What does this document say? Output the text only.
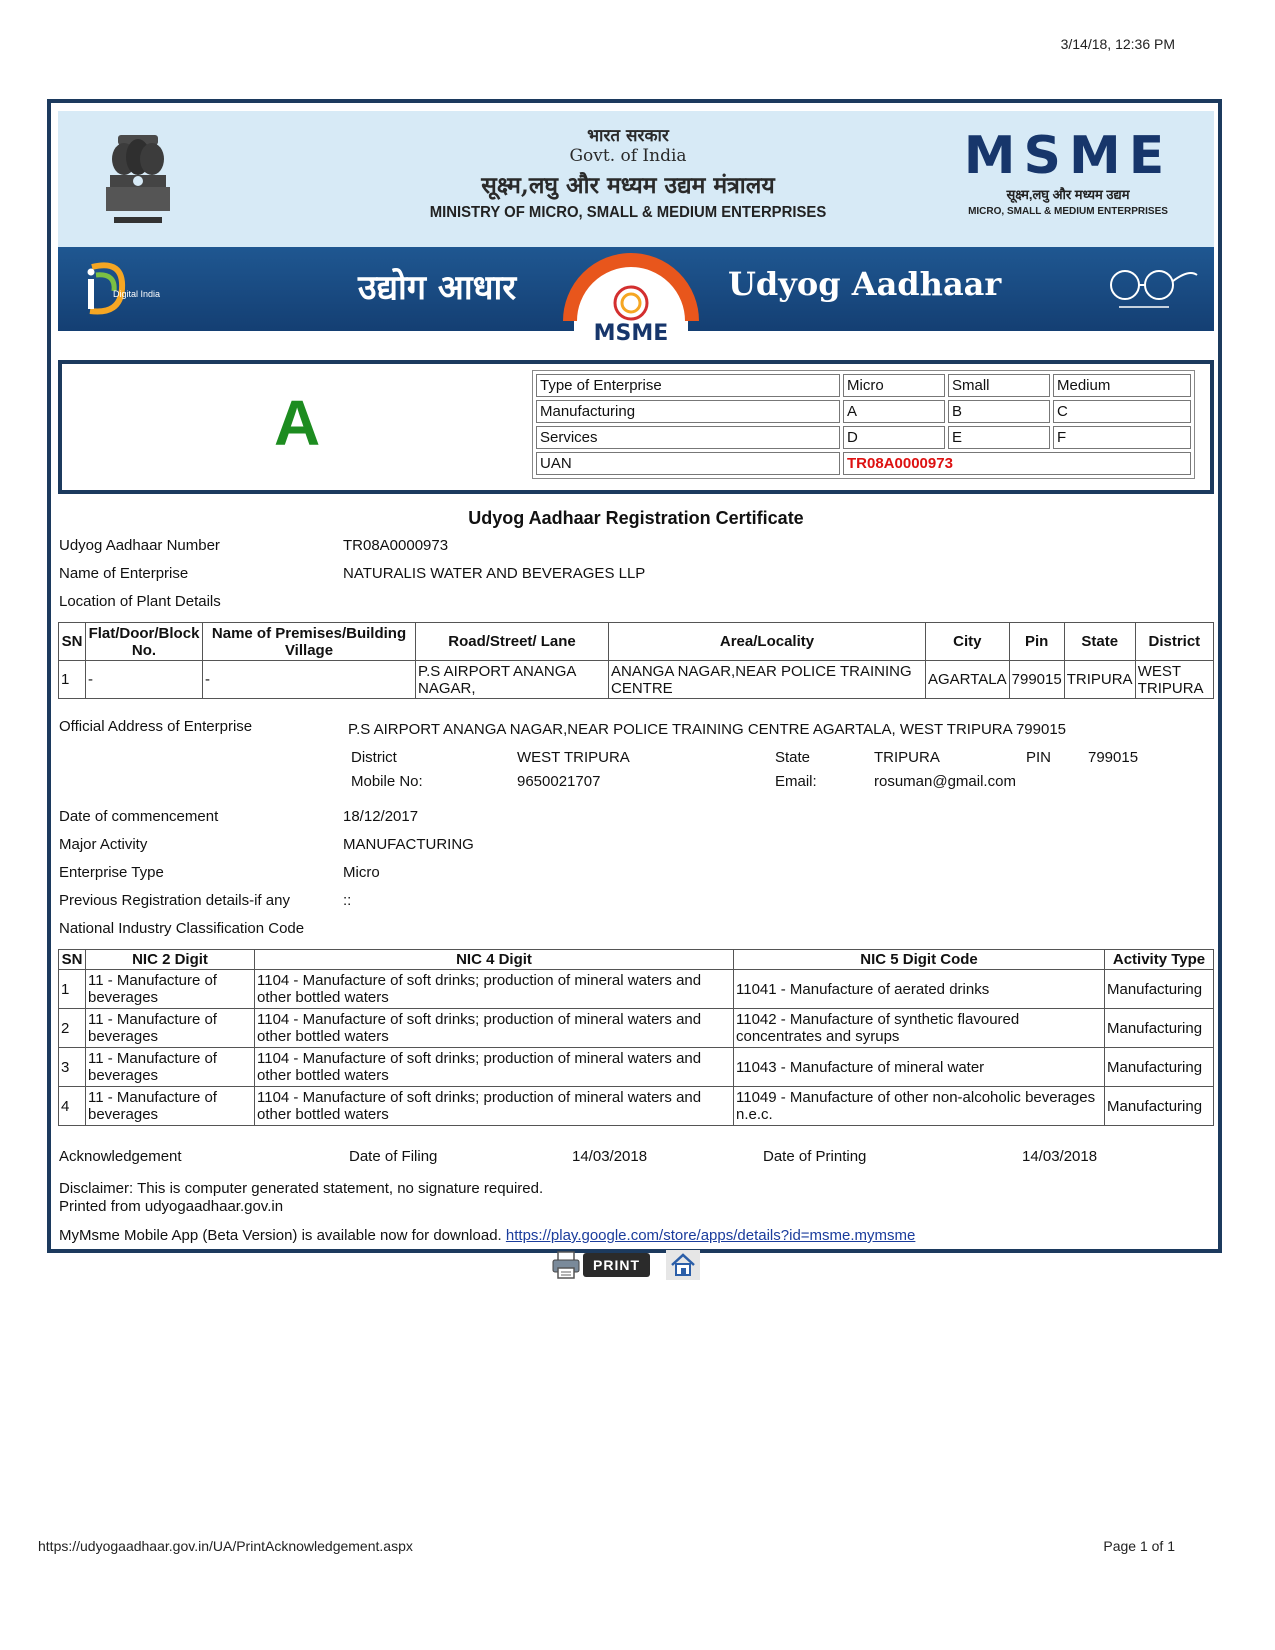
3/14/18, 12:36 PM
भारत सरकार
Govt. of India
सूक्ष्म,लघु और मध्यम उद्यम मंत्रालय
MINISTRY OF MICRO, SMALL & MEDIUM ENTERPRISES
MSME
सूक्ष्म,लघु और मध्यम उद्यम
MICRO, SMALL & MEDIUM ENTERPRISES
Digital India	उद्योग आधार	Udyog Aadhaar
MSME
A
Type of Enterprise	Micro	Small	Medium
Manufacturing	A	B	C
Services	D	E	F
UAN	TR08A0000973		
Udyog Aadhaar Registration Certificate
Udyog Aadhaar Number	TR08A0000973
Name of Enterprise	NATURALIS WATER AND BEVERAGES LLP
Location of Plant Details
SN	Flat/Door/Block No.	Name of Premises/Building Village	Road/Street/ Lane	Area/Locality	City	Pin	State	District
1	-	-	P.S AIRPORT ANANGA NAGAR,	ANANGA NAGAR,NEAR POLICE TRAINING CENTRE	AGARTALA	799015	TRIPURA	WEST TRIPURA
Official Address of Enterprise	P.S AIRPORT ANANGA NAGAR,NEAR POLICE TRAINING CENTRE AGARTALA, WEST TRIPURA 799015
District	WEST TRIPURA	State	TRIPURA	PIN 799015
Mobile No:	9650021707	Email:	rosuman@gmail.com
Date of commencement	18/12/2017
Major Activity	MANUFACTURING
Enterprise Type	Micro
Previous Registration details-if any	::
National Industry Classification Code
SN	NIC 2 Digit	NIC 4 Digit	NIC 5 Digit Code	Activity Type
1	11 - Manufacture of beverages	1104 - Manufacture of soft drinks; production of mineral waters and other bottled waters	11041 - Manufacture of aerated drinks	Manufacturing
2	11 - Manufacture of beverages	1104 - Manufacture of soft drinks; production of mineral waters and other bottled waters	11042 - Manufacture of synthetic flavoured concentrates and syrups	Manufacturing
3	11 - Manufacture of beverages	1104 - Manufacture of soft drinks; production of mineral waters and other bottled waters	11043 - Manufacture of mineral water	Manufacturing
4	11 - Manufacture of beverages	1104 - Manufacture of soft drinks; production of mineral waters and other bottled waters	11049 - Manufacture of other non-alcoholic beverages n.e.c.	Manufacturing
Acknowledgement	Date of Filing	14/03/2018	Date of Printing	14/03/2018
Disclaimer: This is computer generated statement, no signature required.
Printed from udyogaadhaar.gov.in
MyMsme Mobile App (Beta Version) is available now for download. https://play.google.com/store/apps/details?id=msme.mymsme
PRINT
https://udyogaadhaar.gov.in/UA/PrintAcknowledgement.aspx	Page 1 of 1
